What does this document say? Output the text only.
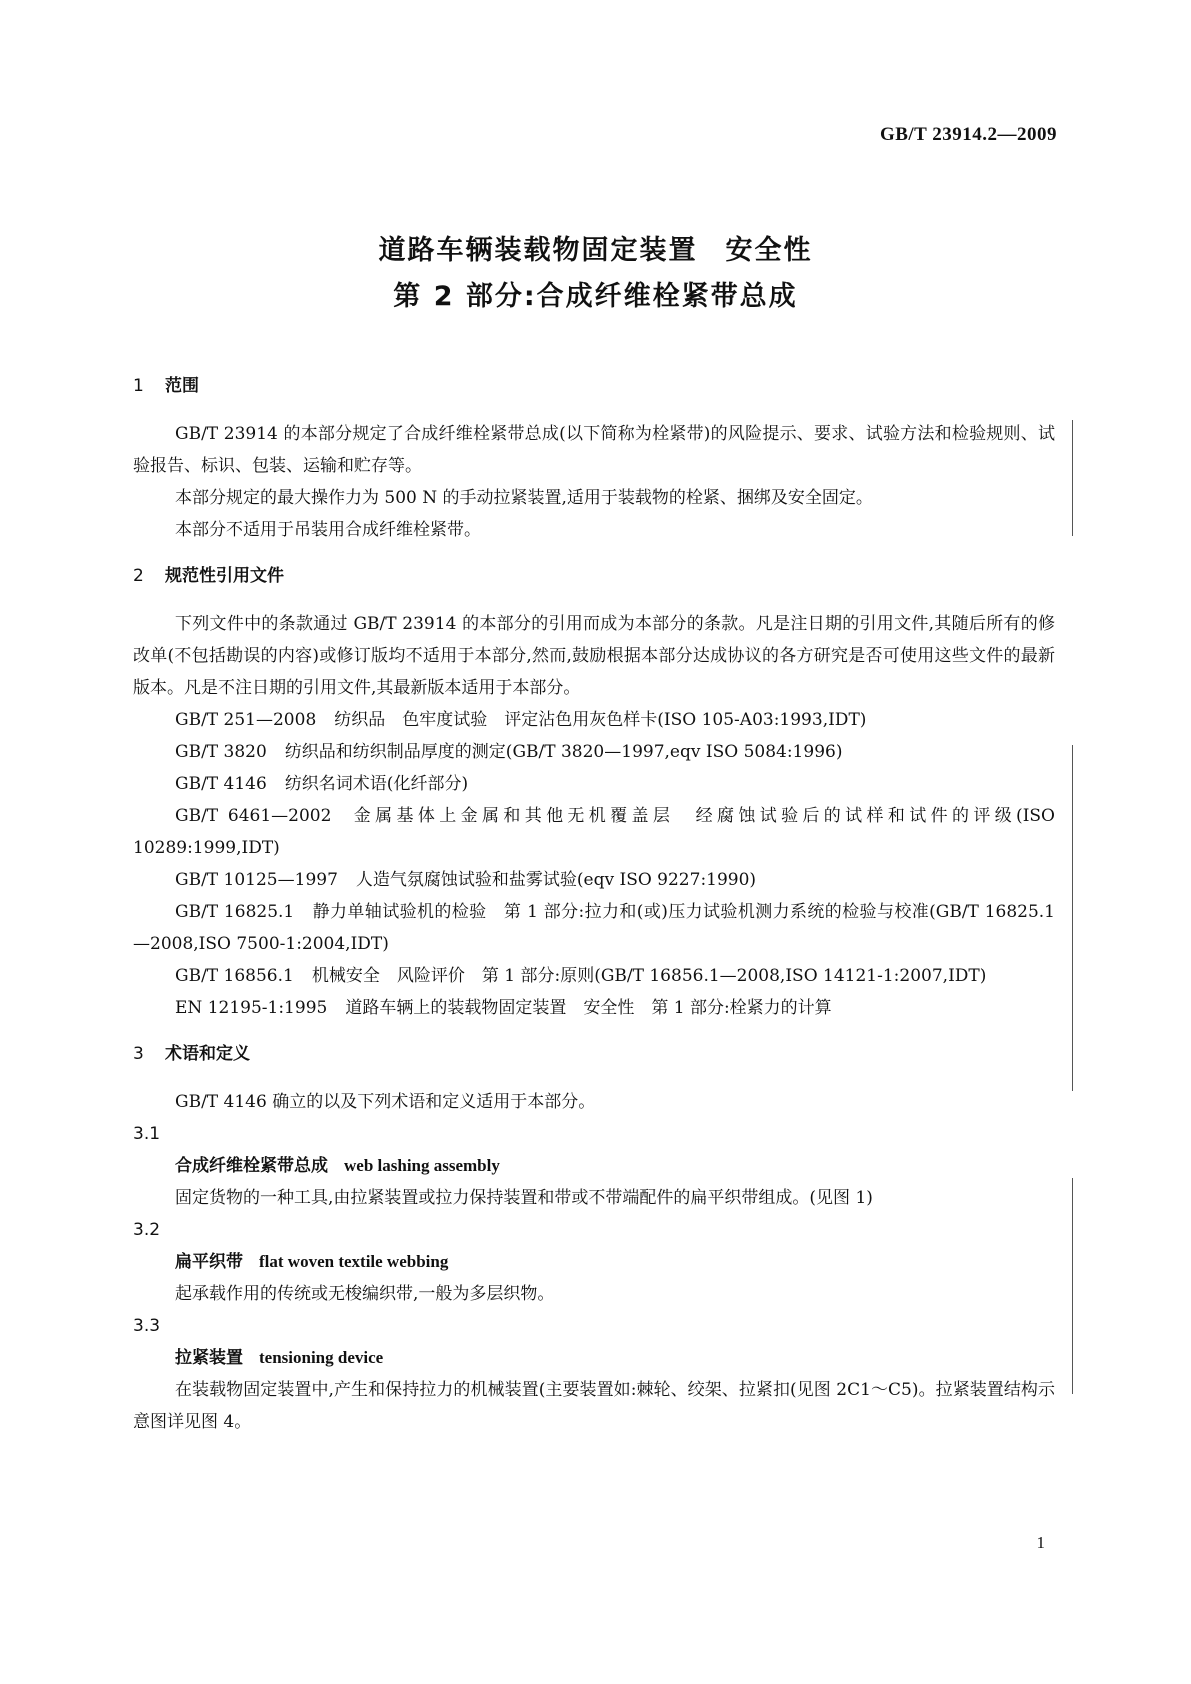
GB/T 23914.2—2009
道路车辆装载物固定装置 安全性
第 2 部分:合成纤维栓紧带总成
1 范围

GB/T 23914 的本部分规定了合成纤维栓紧带总成(以下简称为栓紧带)的风险提示、要求、试验方法和检验规则、试验报告、标识、包装、运输和贮存等。

本部分规定的最大操作力为 500 N 的手动拉紧装置,适用于装载物的栓紧、捆绑及安全固定。

本部分不适用于吊装用合成纤维栓紧带。

2 规范性引用文件

下列文件中的条款通过 GB/T 23914 的本部分的引用而成为本部分的条款。凡是注日期的引用文件,其随后所有的修改单(不包括勘误的内容)或修订版均不适用于本部分,然而,鼓励根据本部分达成协议的各方研究是否可使用这些文件的最新版本。凡是不注日期的引用文件,其最新版本适用于本部分。

GB/T 251—2008 纺织品　色牢度试验　评定沾色用灰色样卡(ISO 105-A03:1993,IDT)

GB/T 3820 纺织品和纺织制品厚度的测定(GB/T 3820—1997,eqv ISO 5084:1996)

GB/T 4146 纺织名词术语(化纤部分)

GB/T 6461—2002 金属基体上金属和其他无机覆盖层　经腐蚀试验后的试样和试件的评级(ISO 10289:1999,IDT)

GB/T 10125—1997 人造气氛腐蚀试验和盐雾试验(eqv ISO 9227:1990)

GB/T 16825.1 静力单轴试验机的检验　第 1 部分:拉力和(或)压力试验机测力系统的检验与校准(GB/T 16825.1—2008,ISO 7500-1:2004,IDT)

GB/T 16856.1 机械安全　风险评价　第 1 部分:原则(GB/T 16856.1—2008,ISO 14121-1:2007,IDT)

EN 12195-1:1995 道路车辆上的装载物固定装置　安全性　第 1 部分:栓紧力的计算

3 术语和定义

GB/T 4146 确立的以及下列术语和定义适用于本部分。

3.1
合成纤维栓紧带总成 web lashing assembly

固定货物的一种工具,由拉紧装置或拉力保持装置和带或不带端配件的扁平织带组成。(见图 1)

3.2
扁平织带 flat woven textile webbing

起承载作用的传统或无梭编织带,一般为多层织物。

3.3
拉紧装置 tensioning device

在装载物固定装置中,产生和保持拉力的机械装置(主要装置如:棘轮、绞架、拉紧扣(见图 2C1～C5)。拉紧装置结构示意图详见图 4。

1
